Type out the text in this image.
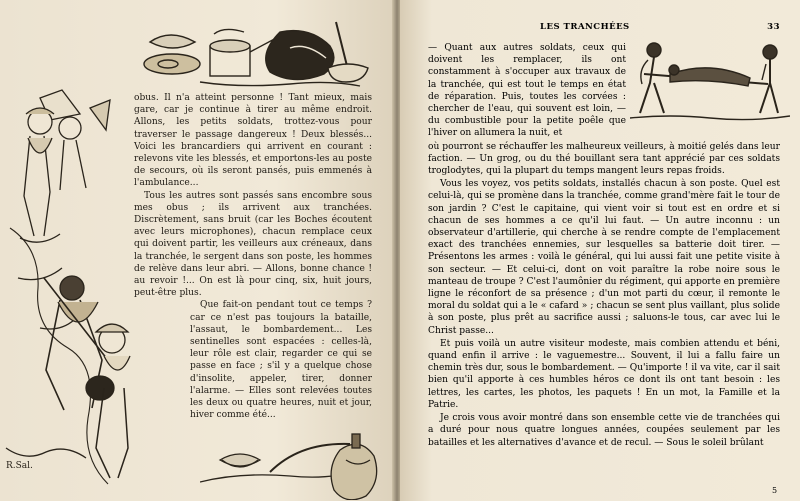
R.Sal.

obus. Il n'a atteint personne ! Tant mieux, mais gare, car je continue à tirer au même endroit. Allons, les petits soldats, trottez-vous pour traverser le passage dangereux ! Deux blessés... Voici les brancardiers qui arrivent en courant : relevons vite les blessés, et emportons-les au poste de secours, où ils seront pansés, puis emmenés à l'ambulance...

Tous les autres sont passés sans encombre sous mes obus ; ils arrivent aux tranchées. Discrètement, sans bruit (car les Boches écoutent avec leurs microphones), chacun remplace ceux qui doivent partir, les veilleurs aux créneaux, dans la tranchée, le sergent dans son poste, les hommes de relève dans leur abri. — Allons, bonne chance ! au revoir !... On est là pour cinq, six, huit jours, peut-être plus.

Que fait-on pendant tout ce temps ? car ce n'est pas toujours la bataille, l'assaut, le bombardement... Les sentinelles sont espacées : celles-là, leur rôle est clair, regarder ce qui se passe en face ; s'il y a quelque chose d'insolite, appeler, tirer, donner l'alarme. — Elles sont relevées toutes les deux ou quatre heures, nuit et jour, hiver comme été...

LES TRANCHÉES	33

— Quant aux autres soldats, ceux qui doivent les remplacer, ils ont constamment à s'occuper aux travaux de la tranchée, qui est tout le temps en état de réparation. Puis, toutes les corvées : chercher de l'eau, qui souvent est loin, — du combustible pour la petite poêle que l'hiver on allumera la nuit, et

où pourront se réchauffer les malheureux veilleurs, à moitié gelés dans leur faction. — Un grog, ou du thé bouillant sera tant apprécié par ces soldats troglodytes, qui la plupart du temps mangent leurs repas froids.

Vous les voyez, vos petits soldats, installés chacun à son poste. Quel est celui-là, qui se promène dans la tranchée, comme grand'mère fait le tour de son jardin ? C'est le capitaine, qui vient voir si tout est en ordre et si chacun de ses hommes a ce qu'il lui faut. — Un autre inconnu : un observateur d'artillerie, qui cherche à se rendre compte de l'emplacement exact des tranchées ennemies, sur lesquelles sa batterie doit tirer. — Présentons les armes : voilà le général, qui lui aussi fait une petite visite à son secteur. — Et celui-ci, dont on voit paraître la robe noire sous le manteau de troupe ? C'est l'aumônier du régiment, qui apporte en première ligne le réconfort de sa présence ; d'un mot parti du cœur, il remonte le moral du soldat qui a le « cafard » ; chacun se sent plus vaillant, plus solide à son poste, plus prêt au sacrifice aussi ; saluons-le tous, car avec lui le Christ passe...

Et puis voilà un autre visiteur modeste, mais combien attendu et béni, quand enfin il arrive : le vaguemestre... Souvent, il lui a fallu faire un chemin très dur, sous le bombardement. — Qu'importe ! il va vite, car il sait bien qu'il apporte à ces humbles héros ce dont ils ont tant besoin : les lettres, les cartes, les photos, les paquets ! En un mot, la Famille et la Patrie.

Je crois vous avoir montré dans son ensemble cette vie de tranchées qui a duré pour nous quatre longues années, coupées seulement par les batailles et les alternatives d'avance et de recul. — Sous le soleil brûlant

5
